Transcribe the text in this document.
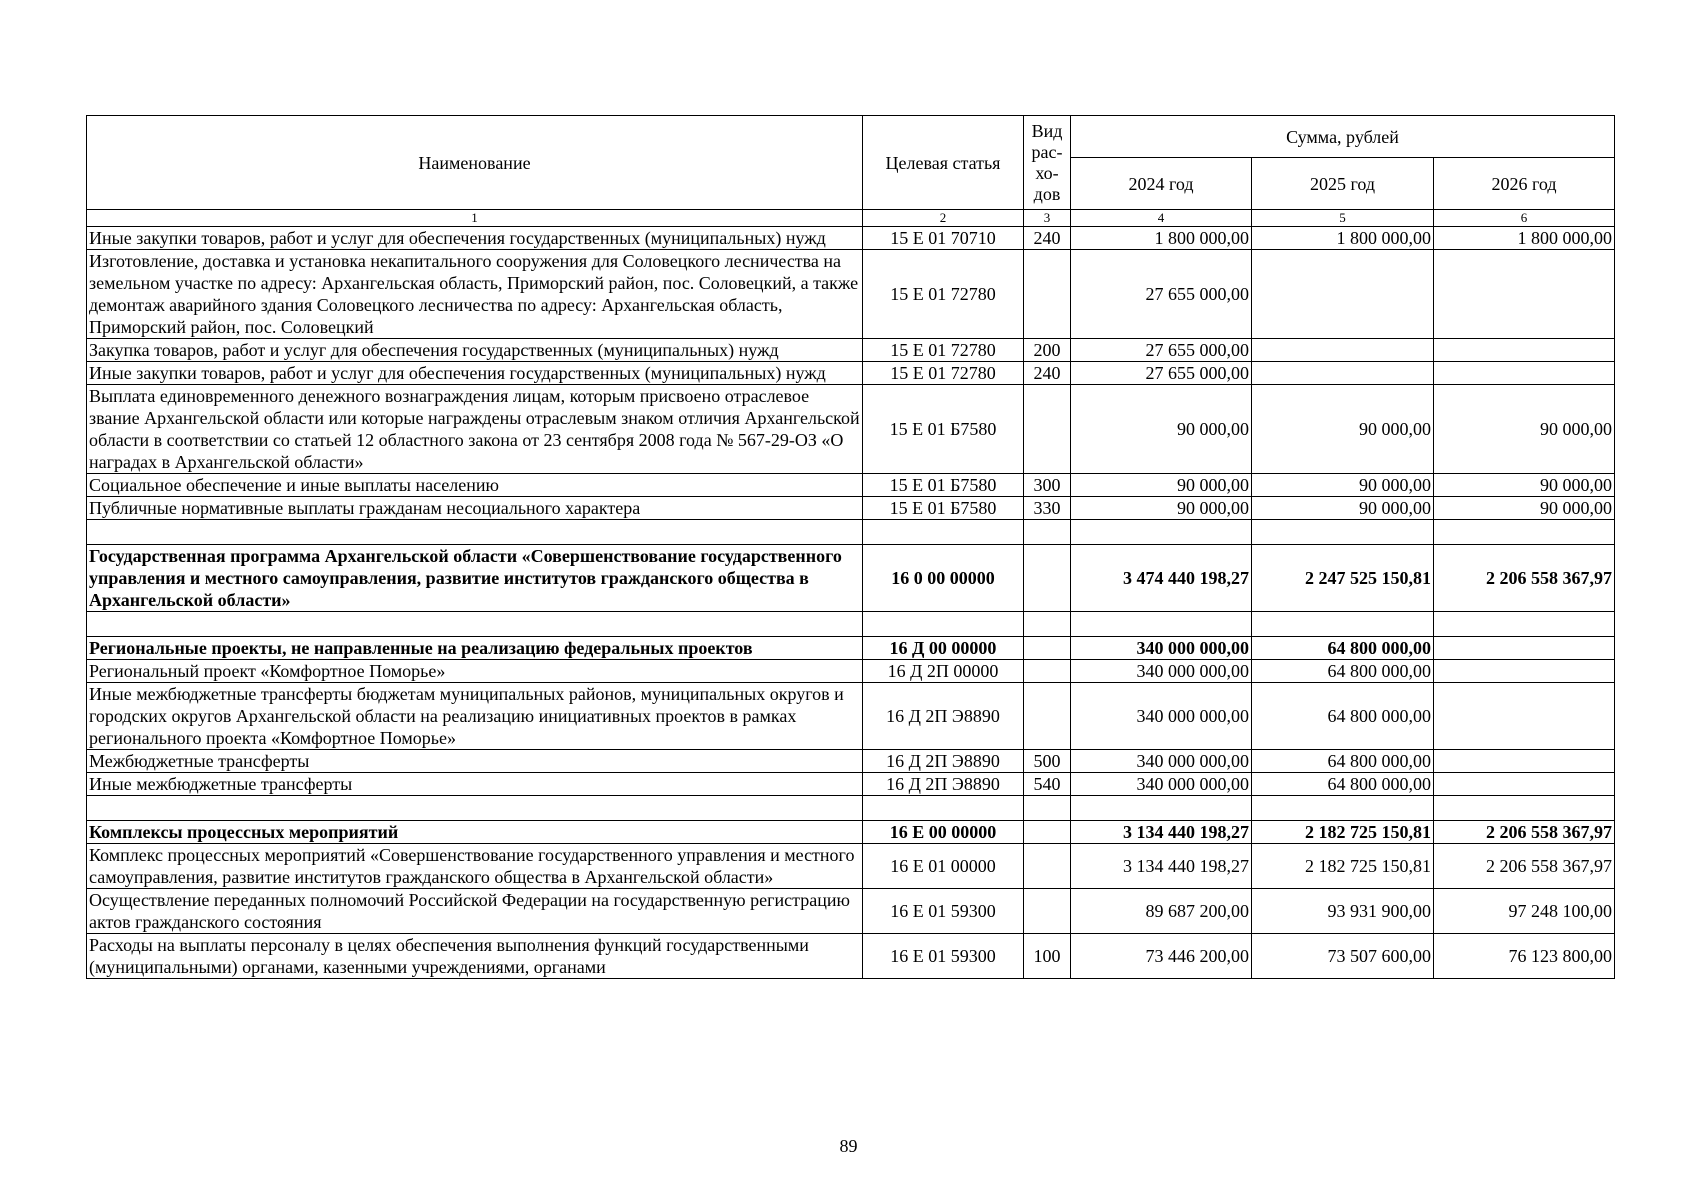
Наименование	Целевая статья	Вид рас-хо-дов	Сумма, рублей		
			2024 год	2025 год	2026 год
1	2	3	4	5	6
Иные закупки товаров, работ и услуг для обеспечения государственных (муниципальных) нужд	15 Е 01 70710	240	1 800 000,00	1 800 000,00	1 800 000,00
Изготовление, доставка и установка некапитального сооружения для Соловецкого лесничества на земельном участке по адресу: Архангельская область, Приморский район, пос. Соловецкий, а также демонтаж аварийного здания Соловецкого лесничества по адресу: Архангельская область, Приморский район, пос. Соловецкий	15 Е 01 72780		27 655 000,00		
Закупка товаров, работ и услуг для обеспечения государственных (муниципальных) нужд	15 Е 01 72780	200	27 655 000,00		
Иные закупки товаров, работ и услуг для обеспечения государственных (муниципальных) нужд	15 Е 01 72780	240	27 655 000,00		
Выплата единовременного денежного вознаграждения лицам, которым присвоено отраслевое звание Архангельской области или которые награждены отраслевым знаком отличия Архангельской области в соответствии со статьей 12 областного закона от 23 сентября 2008 года № 567-29-ОЗ «О наградах в Архангельской области»	15 Е 01 Б7580		90 000,00	90 000,00	90 000,00
Социальное обеспечение и иные выплаты населению	15 Е 01 Б7580	300	90 000,00	90 000,00	90 000,00
Публичные нормативные выплаты гражданам несоциального характера	15 Е 01 Б7580	330	90 000,00	90 000,00	90 000,00

Государственная программа Архангельской области «Совершенствование государственного управления и местного самоуправления, развитие институтов гражданского общества в Архангельской области»	16 0 00 00000		3 474 440 198,27	2 247 525 150,81	2 206 558 367,97

Региональные проекты, не направленные на реализацию федеральных проектов	16 Д 00 00000		340 000 000,00	64 800 000,00	
Региональный проект «Комфортное Поморье»	16 Д 2П 00000		340 000 000,00	64 800 000,00	
Иные межбюджетные трансферты бюджетам муниципальных районов, муниципальных округов и городских округов Архангельской области на реализацию инициативных проектов в рамках регионального проекта «Комфортное Поморье»	16 Д 2П Э8890		340 000 000,00	64 800 000,00	
Межбюджетные трансферты	16 Д 2П Э8890	500	340 000 000,00	64 800 000,00	
Иные межбюджетные трансферты	16 Д 2П Э8890	540	340 000 000,00	64 800 000,00	

Комплексы процессных мероприятий	16 Е 00 00000		3 134 440 198,27	2 182 725 150,81	2 206 558 367,97
Комплекс процессных мероприятий «Совершенствование государственного управления и местного самоуправления, развитие институтов гражданского общества в Архангельской области»	16 Е 01 00000		3 134 440 198,27	2 182 725 150,81	2 206 558 367,97
Осуществление переданных полномочий Российской Федерации на государственную регистрацию актов гражданского состояния	16 Е 01 59300		89 687 200,00	93 931 900,00	97 248 100,00
Расходы на выплаты персоналу в целях обеспечения выполнения функций государственными (муниципальными) органами, казенными учреждениями, органами	16 Е 01 59300	100	73 446 200,00	73 507 600,00	76 123 800,00
89
